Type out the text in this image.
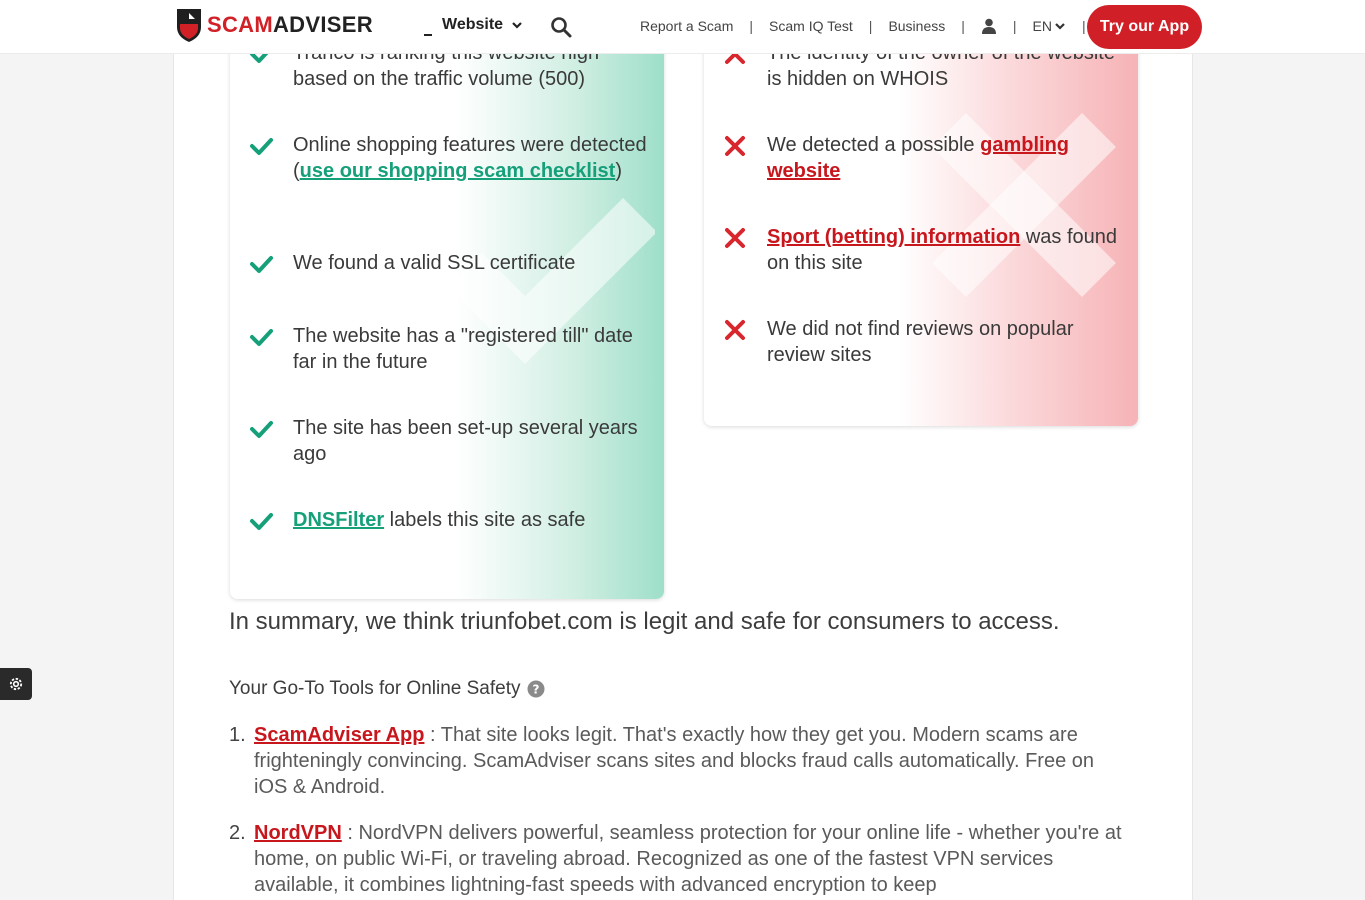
based on the traffic volume (500)
Online shopping features were detected (use our shopping scam checklist)
We found a valid SSL certificate
The website has a "registered till" date far in the future
The site has been set-up several years ago
DNSFilter labels this site as safe
is hidden on WHOIS
We detected a possible gambling website
Sport (betting) information was found on this site
We did not find reviews on popular review sites
In summary, we think triunfobet.com is legit and safe for consumers to access.
Your Go-To Tools for Online Safety ?
1. ScamAdviser App : That site looks legit. That's exactly how they get you. Modern scams are frighteningly convincing. ScamAdviser scans sites and blocks fraud calls automatically. Free on iOS & Android.
2. NordVPN : NordVPN delivers powerful, seamless protection for your online life - whether you're at home, on public Wi-Fi, or traveling abroad. Recognized as one of the fastest VPN services available, it combines lightning-fast speeds with advanced encryption to keep
SCAMADVISER	Website	Report a Scam | Scam IQ Test | Business |	| EN | Try our App
